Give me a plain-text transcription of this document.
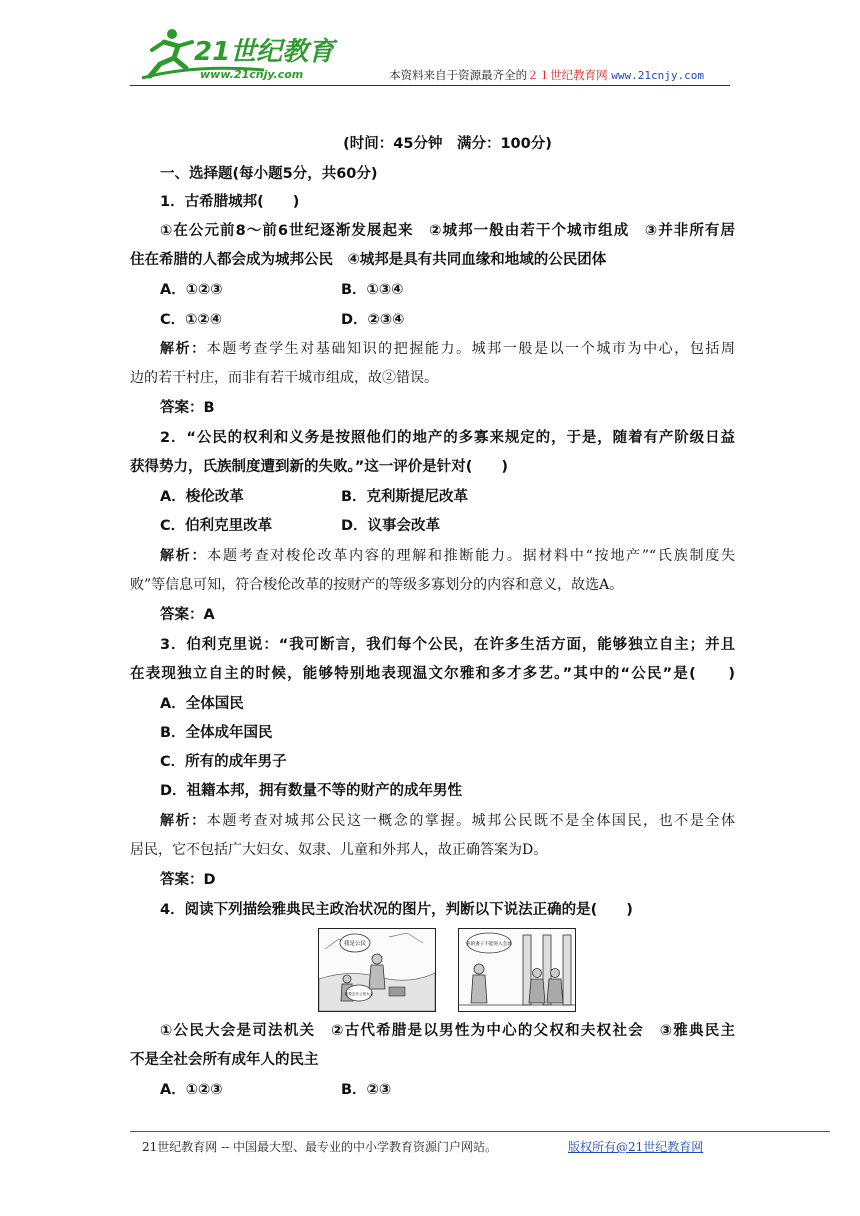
21世纪教育
www.21cnjy.com	本资料来自于资源最齐全的２１世纪教育网 www.21cnjy.com
(时间：45分钟　满分：100分)
一、选择题(每小题5分，共60分)
1．古希腊城邦(　　)
①在公元前8～前6世纪逐渐发展起来　②城邦一般由若干个城市组成　③并非所有居
住在希腊的人都会成为城邦公民　④城邦是具有共同血缘和地域的公民团体
A．①②③	B．①③④
C．①②④	D．②③④
解析：本题考查学生对基础知识的把握能力。城邦一般是以一个城市为中心，包括周
边的若干村庄，而非有若干城市组成，故②错误。
答案：B
2．“公民的权利和义务是按照他们的地产的多寡来规定的，于是，随着有产阶级日益
获得势力，氏族制度遭到新的失败。”这一评价是针对(　　)
A．梭伦改革	B．克利斯提尼改革
C．伯利克里改革	D．议事会改革
解析：本题考查对梭伦改革内容的理解和推断能力。据材料中“按地产”“氏族制度失
败”等信息可知，符合梭伦改革的按财产的等级多寡划分的内容和意义，故选A。
答案：A
3．伯利克里说：“我可断言，我们每个公民，在许多生活方面，能够独立自主；并且
在表现独立自主的时候，能够特别地表现温文尔雅和多才多艺。”其中的“公民”是(　　)
A．全体国民
B．全体成年国民
C．所有的成年男子
D．祖籍本邦，拥有数量不等的财产的成年男性
解析：本题考查对城邦公民这一概念的掌握。城邦公民既不是全体国民，也不是全体
居民，它不包括广大妇女、奴隶、儿童和外邦人，故正确答案为D。
答案：D
4．阅读下列描绘雅典民主政治状况的图片，判断以下说法正确的是(　　)
①公民大会是司法机关　②古代希腊是以男性为中心的父权和夫权社会　③雅典民主
不是全社会所有成年人的民主
A．①②③	B．②③
我是公民
我要去开公民大会
你的妻子不能进入会场
21世纪教育网 -- 中国最大型、最专业的中小学教育资源门户网站。	版权所有@21世纪教育网
